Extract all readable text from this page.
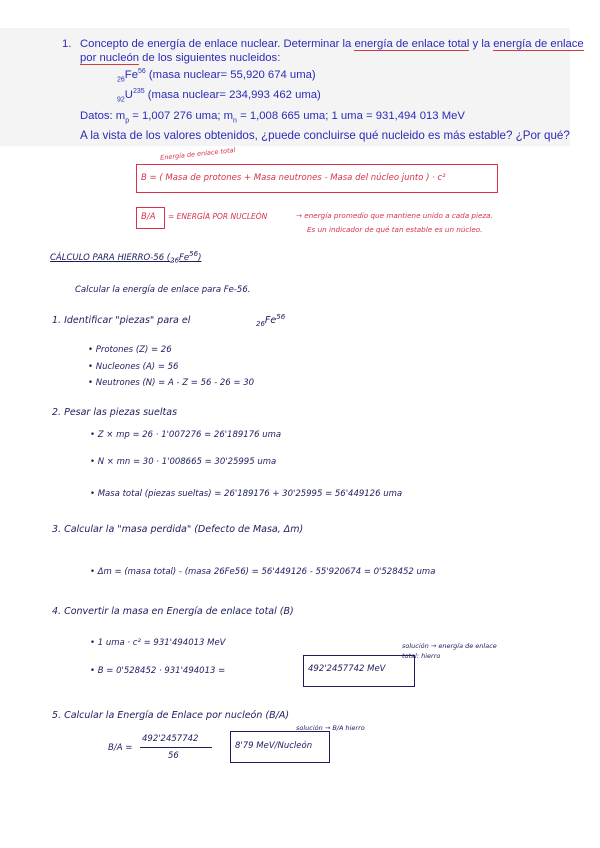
1. Concepto de energía de enlace nuclear. Determinar la energía de enlace total y la energía de enlace
por nucleón de los siguientes nucleidos:
$_{26}Fe^{56}$ (masa nuclear= 55,920 674 uma)
$_{92}U^{235}$ (masa nuclear= 234,993 462 uma)
Datos: $m_p = 1,007$ 276 uma; $m_n = 1,008$ 665 uma; 1 uma = 931,494 013 MeV
A la vista de los valores obtenidos, ¿puede concluirse qué nucleido es más estable? ¿Por qué?
Energía de enlace total
B = ( Masa de protones + Masa neutrones - Masa del núcleo junto ) · c²
B/A = ENERGÍA POR NUCLEÓN	→ energía promedio que mantiene unido a cada pieza.
Es un indicador de qué tan estable es un núcleo.
CÁLCULO PARA HIERRO-56 $(_{26}Fe^{56})$
Calcular la energía de enlace para Fe-56.
1. Identificar "piezas" para el	$_{26}Fe^{56}$
• Protones (Z) = 26
• Nucleones (A) = 56
• Neutrones (N) = A - Z = 56 - 26 = 30
2. Pesar las piezas sueltas
• Z × mp = 26 · 1'007276 = 26'189176 uma
• N × mn = 30 · 1'008665 = 30'25995 uma
• Masa total (piezas sueltas) = 26'189176 + 30'25995 = 56'449126 uma
3. Calcular la "masa perdida" (Defecto de Masa, Δm)
• Δm = (masa total) - (masa 26Fe56) = 56'449126 - 55'920674 = 0'528452 uma
4. Convertir la masa en Energía de enlace total (B)
• 1 uma · c² = 931'494013 MeV	solución → energía de enlace total: hierro
• B = 0'528452 · 931'494013 =	492'2457742 MeV
5. Calcular la Energía de Enlace por nucleón (B/A)
solución → B/A hierro
B/A =
492'2457742
56
8'79 MeV/Nucleón
